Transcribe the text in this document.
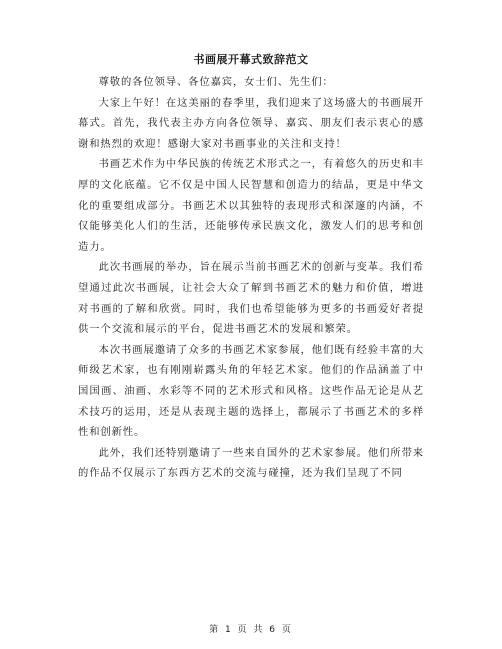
书画展开幕式致辞范文

尊敬的各位领导、各位嘉宾，女士们、先生们：

大家上午好！在这美丽的春季里，我们迎来了这场盛大的书画展开幕式。首先，我代表主办方向各位领导、嘉宾、朋友们表示衷心的感谢和热烈的欢迎！感谢大家对书画事业的关注和支持！

书画艺术作为中华民族的传统艺术形式之一，有着悠久的历史和丰厚的文化底蕴。它不仅是中国人民智慧和创造力的结晶，更是中华文化的重要组成部分。书画艺术以其独特的表现形式和深邃的内涵，不仅能够美化人们的生活，还能够传承民族文化，激发人们的思考和创造力。

此次书画展的举办，旨在展示当前书画艺术的创新与变革。我们希望通过此次书画展，让社会大众了解到书画艺术的魅力和价值，增进对书画的了解和欣赏。同时，我们也希望能够为更多的书画爱好者提供一个交流和展示的平台，促进书画艺术的发展和繁荣。

本次书画展邀请了众多的书画艺术家参展，他们既有经验丰富的大师级艺术家，也有刚刚崭露头角的年轻艺术家。他们的作品涵盖了中国国画、油画、水彩等不同的艺术形式和风格。这些作品无论是从艺术技巧的运用，还是从表现主题的选择上，都展示了书画艺术的多样性和创新性。

此外，我们还特别邀请了一些来自国外的艺术家参展。他们所带来的作品不仅展示了东西方艺术的交流与碰撞，还为我们呈现了不同

第 1 页 共 6 页
